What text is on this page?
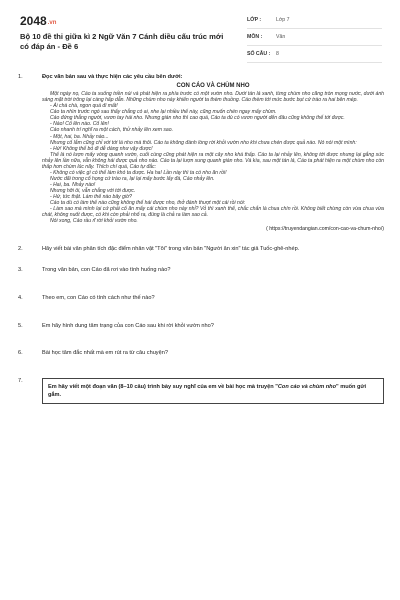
2048.vn
Bộ 10 đề thi giữa kì 2 Ngữ Văn 7 Cánh diều cấu trúc mới có đáp án - Đề 6
LỚP :	Lớp 7
MÔN :	Văn
SỐ CÂU : 8
1.	Đọc văn bản sau và thực hiện các yêu cầu bên dưới:
CON CÁO VÀ CHÙM NHO

Một ngày nọ, Cáo ta xuống triền núi và phát hiện ra phía trước có một vườn nho. Dưới tán lá xanh, từng chùm nho căng tròn mọng nước, dưới ánh sáng mặt trời trông lại càng hấp dẫn. Những chùm nho này khiến người ta thèm thuồng. Cáo thèm tới mức bước bụt cứ trào ra hai bên mép.

- Ái chà chà, ngon quá đi mất!

Cáo ta nhìn trước ngó sau thấy chẳng có ai, nhe lại nhiều thế này, cũng muốn chén ngay mấy chùm.

Cáo đứng thẳng người, vươn tay hái nho. Nhưng giàn nho thì cao quá, Cáo ta dù có vươn người dến đâu cũng không thể tới được.

- Nào! Cố lên nào. Cố lên!

Cáo nhanh trí nghĩ ra một cách, thử nhảy lên xem sao.

- Một, hai, ba. Nhảy nào...

Nhưng cố lắm cũng chỉ với tới lá nho mà thôi. Cáo ta không đành lòng rời khỏi vườn nho khi chưa chén được quả nào. Nó nói một mình:

- Hứ! Không thể bỏ đi dễ dàng như vậy được!

Thế là nó lượn mấy vòng quanh vườn, cuối cùng cũng phát hiện ra một cây nho khá thấp. Cáo ta lại nhảy lên, không tới được nhưng lại gắng sức nhảy lên lần nữa, vẫn không hái được quả nho nào. Cáo ta lại lượn xung quanh giàn nho. Và kìa, sau một tán lá, Cáo ta phát hiện ra một chùm nho còn thấp hơn chùm lúc nãy. Thích chí quá, Cáo tự đắc:

- Không có việc gì có thể làm khó ta được. Ha ha! Lần này thì ta có nho ăn rồi!

Nước dãi trong cổ họng cứ trào ra, lại lại mấy bước lấy đà, Cáo nhảy lên.

- Hai, ba. Nhảy nào!

Nhưng hỡi ôi, vẫn chẳng với tới được.

- Hứ, tức thật. Làm thế nào bây giờ?

Cáo ta dù có làm thế nào cũng không thể hái được nho, thở đánh thượt một cái rồi nói:

- Làm sao mà mình lại cứ phải cố ăn mấy cái chùm nho này nhỉ? Vỏ thì xanh thế, chắc chắn là chua chín rồi. Không biết chừng còn vừa chua vừa chát, không nuốt được, có khi còn phải nhổ ra, đúng là chả ra làm sao cả.

Nói xong, Cáo rầu rĩ rời khỏi vườn nho.

( https://truyendangian.com/con-cao-va-chum-nho/)
2.	Hãy viết bài văn phân tích đặc điểm nhân vật "Tôi" trong văn bản "Người ăn xin" tác giả Tuốc-ghê-nhép.
3.	Trong văn bản, con Cáo đã rơi vào tình huống nào?
4.	Theo em, con Cáo có tính cách như thế nào?
5.	Em hãy hình dung tâm trạng của con Cáo sau khi rời khỏi vườn nho?
6.	Bài học tâm đắc nhất mà em rút ra từ câu chuyện?
7.
Em hãy viết một đoạn văn (8–10 câu) trình bày suy nghĩ của em về bài học mà truyện "Con cáo và chùm nho" muốn gửi gắm.
